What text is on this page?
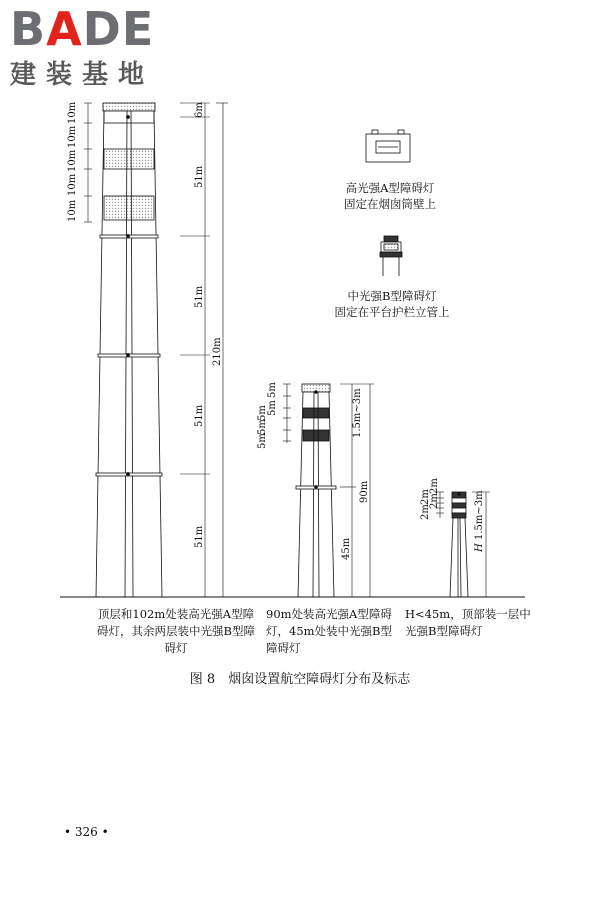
BADE
建装基地
10m
10m
10m
10m
10m
6m
51m
51m
51m
51m
210m
5m
5m
5m
5m
5m
1.5m~3m
45m
90m	2m
2m
2m
2m	1.5m~3m
H
高光强A型障碍灯
固定在烟囱筒壁上
中光强B型障碍灯
固定在平台护栏立管上
顶层和102m处装高光强A型障碍灯，其余两层装中光强B型障碍灯
90m处装高光强A型障碍灯，45m处装中光强B型障碍灯
H<45m，顶部装一层中光强B型障碍灯
图 8　烟囱设置航空障碍灯分布及标志
• 326 •
